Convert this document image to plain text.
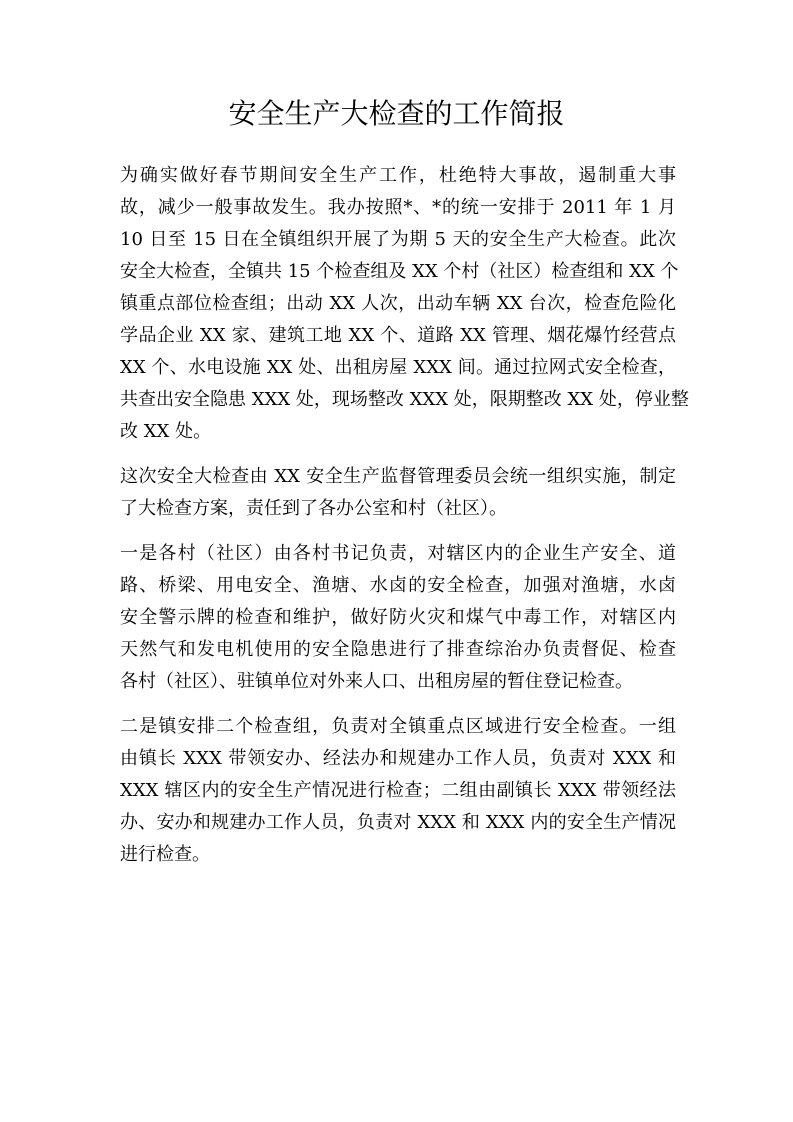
安全生产大检查的工作简报

为确实做好春节期间安全生产工作，杜绝特大事故，遏制重大事
故，减少一般事故发生。我办按照*、*的统一安排于 2011 年 1 月
10 日至 15 日在全镇组织开展了为期 5 天的安全生产大检查。此次
安全大检查，全镇共 15 个检查组及 XX 个村（社区）检查组和 XX 个
镇重点部位检查组；出动 XX 人次，出动车辆 XX 台次，检查危险化
学品企业 XX 家、建筑工地 XX 个、道路 XX 管理、烟花爆竹经营点
XX 个、水电设施 XX 处、出租房屋 XXX 间。通过拉网式安全检查，
共查出安全隐患 XXX 处，现场整改 XXX 处，限期整改 XX 处，停业整
改 XX 处。

这次安全大检查由 XX 安全生产监督管理委员会统一组织实施，制定
了大检查方案，责任到了各办公室和村（社区）。

一是各村（社区）由各村书记负责，对辖区内的企业生产安全、道
路、桥梁、用电安全、渔塘、水卤的安全检查，加强对渔塘，水卤
安全警示牌的检查和维护，做好防火灾和煤气中毒工作，对辖区内
天然气和发电机使用的安全隐患进行了排查综治办负责督促、检查
各村（社区）、驻镇单位对外来人口、出租房屋的暂住登记检查。

二是镇安排二个检查组，负责对全镇重点区域进行安全检查。一组
由镇长 XXX 带领安办、经法办和规建办工作人员，负责对 XXX 和
XXX 辖区内的安全生产情况进行检查；二组由副镇长 XXX 带领经法
办、安办和规建办工作人员，负责对 XXX 和 XXX 内的安全生产情况
进行检查。
